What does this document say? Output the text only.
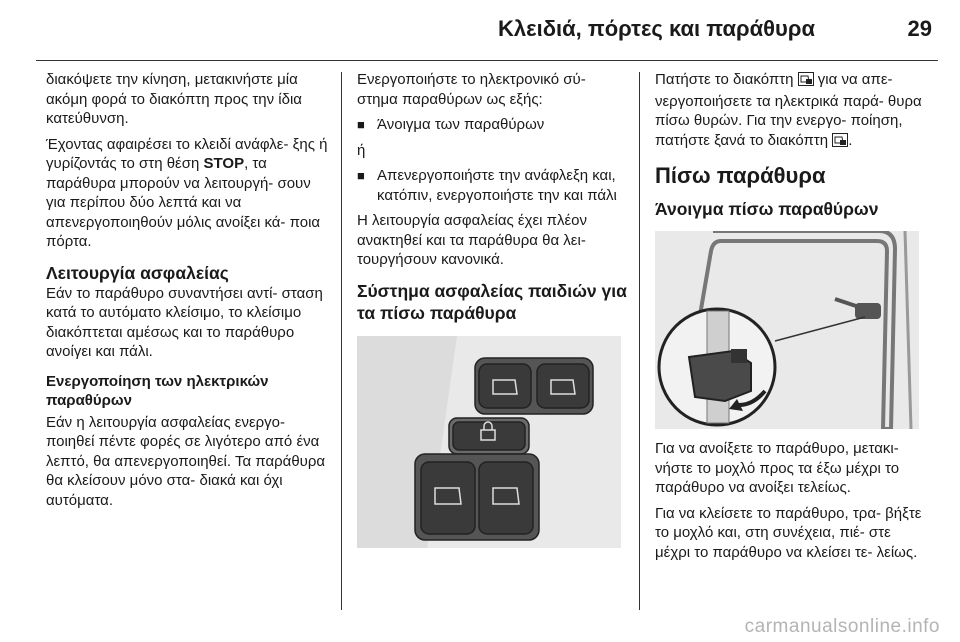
Κλειδιά, πόρτες και παράθυρα	29

διακόψετε την κίνηση, μετακινήστε μία ακόμη φορά το διακόπτη προς την ίδια κατεύθυνση.

Έχοντας αφαιρέσει το κλειδί ανάφλε‐ ξης ή γυρίζοντάς το στη θέση STOP, τα παράθυρα μπορούν να λειτουργή‐ σουν για περίπου δύο λεπτά και να απενεργοποιηθούν μόλις ανοίξει κά‐ ποια πόρτα.

Λειτουργία ασφαλείας

Εάν το παράθυρο συναντήσει αντί‐ σταση κατά το αυτόματο κλείσιμο, το κλείσιμο διακόπτεται αμέσως και το παράθυρο ανοίγει και πάλι.

Ενεργοποίηση των ηλεκτρικών παραθύρων

Εάν η λειτουργία ασφαλείας ενεργο‐ ποιηθεί πέντε φορές σε λιγότερο από ένα λεπτό, θα απενεργοποιηθεί. Τα παράθυρα θα κλείσουν μόνο στα‐ διακά και όχι αυτόματα.

Ενεργοποιήστε το ηλεκτρονικό σύ‐ στημα παραθύρων ως εξής:

■ Άνοιγμα των παραθύρων

ή

■ Απενεργοποιήστε την ανάφλεξη και, κατόπιν, ενεργοποιήστε την και πάλι

Η λειτουργία ασφαλείας έχει πλέον ανακτηθεί και τα παράθυρα θα λει‐ τουργήσουν κανονικά.

Σύστημα ασφαλείας παιδιών για τα πίσω παράθυρα

Πατήστε το διακόπτη  για να απε‐ νεργοποιήσετε τα ηλεκτρικά παρά‐ θυρα πίσω θυρών. Για την ενεργο‐ ποίηση, πατήστε ξανά το διακόπτη .

Πίσω παράθυρα
Άνοιγμα πίσω παραθύρων

Για να ανοίξετε το παράθυρο, μετακι‐ νήστε το μοχλό προς τα έξω μέχρι το παράθυρο να ανοίξει τελείως.

Για να κλείσετε το παράθυρο, τρα‐ βήξτε το μοχλό και, στη συνέχεια, πιέ‐ στε μέχρι το παράθυρο να κλείσει τε‐ λείως.

carmanualsonline.info
